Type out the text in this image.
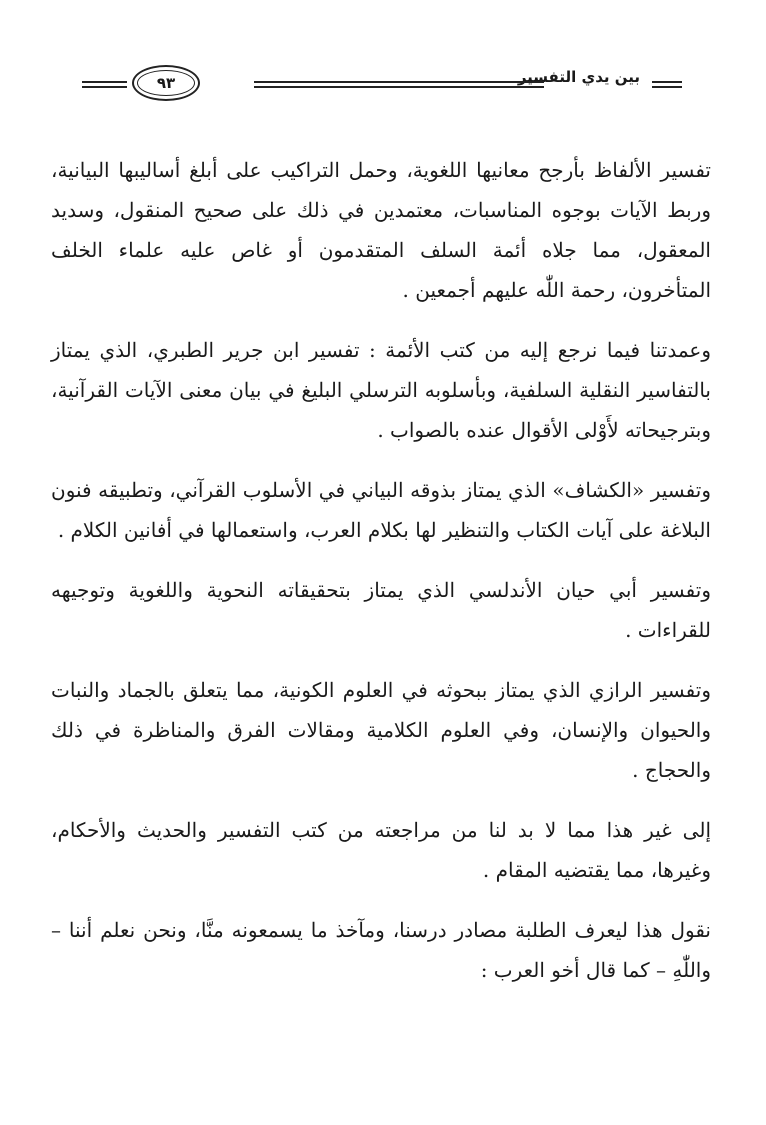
بين يدي التفسير
٩٣

تفسير الألفاظ بأرجح معانيها اللغوية، وحمل التراكيب على أبلغ أساليبها البيانية، وربط الآيات بوجوه المناسبات، معتمدين في ذلك على صحيح المنقول، وسديد المعقول، مما جلاه أئمة السلف المتقدمون أو غاص عليه علماء الخلف المتأخرون، رحمة اللّٰه عليهم أجمعين .

وعمدتنا فيما نرجع إليه من كتب الأئمة : تفسير ابن جرير الطبري، الذي يمتاز بالتفاسير النقلية السلفية، وبأسلوبه الترسلي البليغ في بيان معنى الآيات القرآنية، وبترجيحاته لأَوْلى الأقوال عنده بالصواب .

وتفسير «الكشاف» الذي يمتاز بذوقه البياني في الأسلوب القرآني، وتطبيقه فنون البلاغة على آيات الكتاب والتنظير لها بكلام العرب، واستعمالها في أفانين الكلام .

وتفسير أبي حيان الأندلسي الذي يمتاز بتحقيقاته النحوية واللغوية وتوجيهه للقراءات .

وتفسير الرازي الذي يمتاز ببحوثه في العلوم الكونية، مما يتعلق بالجماد والنبات والحيوان والإنسان، وفي العلوم الكلامية ومقالات الفرق والمناظرة في ذلك والحجاج .

إلى غير هذا مما لا بد لنا من مراجعته من كتب التفسير والحديث والأحكام، وغيرها، مما يقتضيه المقام .

نقول هذا ليعرف الطلبة مصادر درسنا، ومآخذ ما يسمعونه منَّا، ونحن نعلم أننا – واللّٰهِ – كما قال أخو العرب :
